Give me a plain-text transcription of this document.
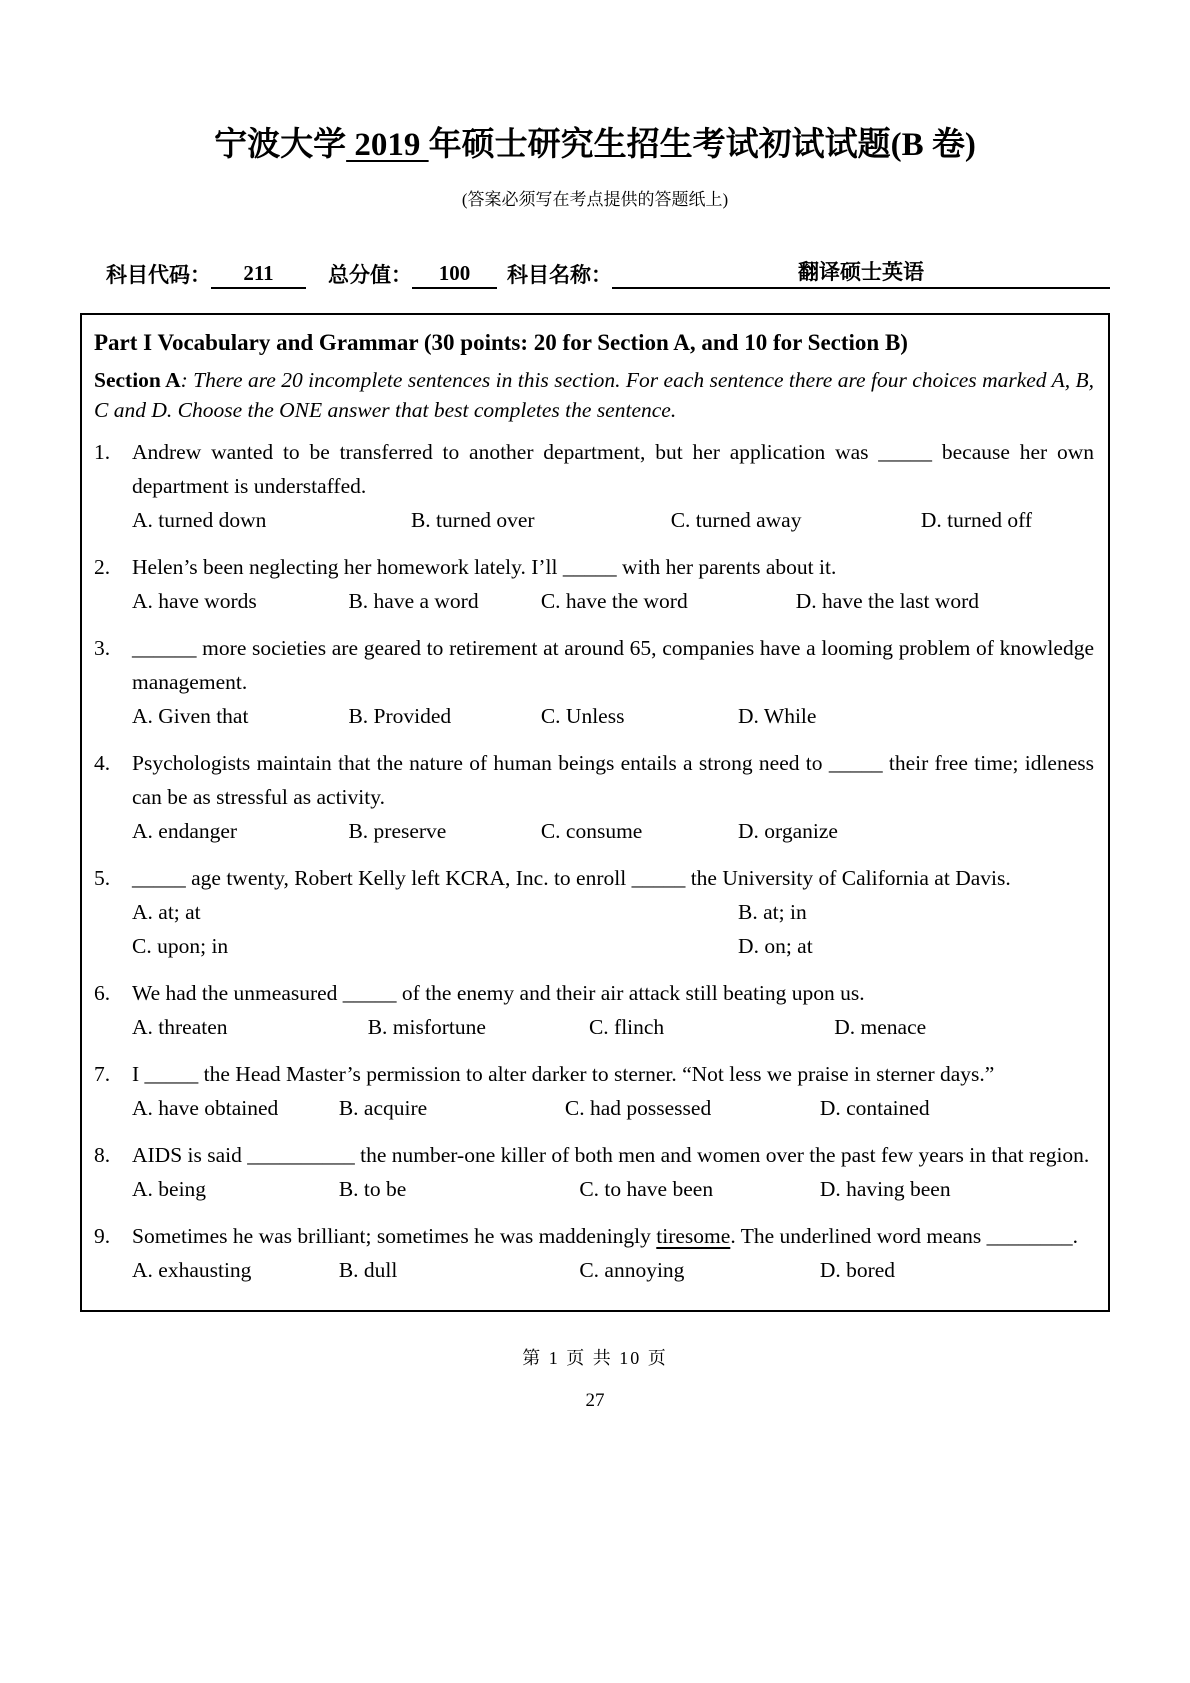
宁波大学 2019 年硕士研究生招生考试初试试题(B 卷)
(答案必须写在考点提供的答题纸上)
科目代码：	211	总分值：	100	科目名称：	翻译硕士英语
Part I Vocabulary and Grammar (30 points: 20 for Section A, and 10 for Section B)
Section A: There are 20 incomplete sentences in this section. For each sentence there are four choices marked A, B, C and D. Choose the ONE answer that best completes the sentence.
1.	Andrew wanted to be transferred to another department, but her application was _____ because her own department is understaffed.
A. turned down	B. turned over	C. turned away	D. turned off
2.	Helen’s been neglecting her homework lately. I’ll _____ with her parents about it.
A. have words	B. have a word	C. have the word	D. have the last word
3.	______ more societies are geared to retirement at around 65, companies have a looming problem of knowledge management.
A. Given that	B. Provided	C. Unless	D. While
4.	Psychologists maintain that the nature of human beings entails a strong need to _____ their free time; idleness can be as stressful as activity.
A. endanger	B. preserve	C. consume	D. organize
5.	_____ age twenty, Robert Kelly left KCRA, Inc. to enroll _____ the University of California at Davis.
A. at; at	B. at; in
C. upon; in	D. on; at
6.	We had the unmeasured _____ of the enemy and their air attack still beating upon us.
A. threaten	B. misfortune	C. flinch	D. menace
7.	I _____ the Head Master’s permission to alter darker to sterner. “Not less we praise in sterner days.”
A. have obtained	B. acquire	C. had possessed	D. contained
8.	AIDS is said __________ the number-one killer of both men and women over the past few years in that region.
A. being	B. to be	C. to have been	D. having been
9.	Sometimes he was brilliant; sometimes he was maddeningly tiresome. The underlined word means ________.
A. exhausting	B. dull	C. annoying	D. bored
第 1 页 共 10 页
27
